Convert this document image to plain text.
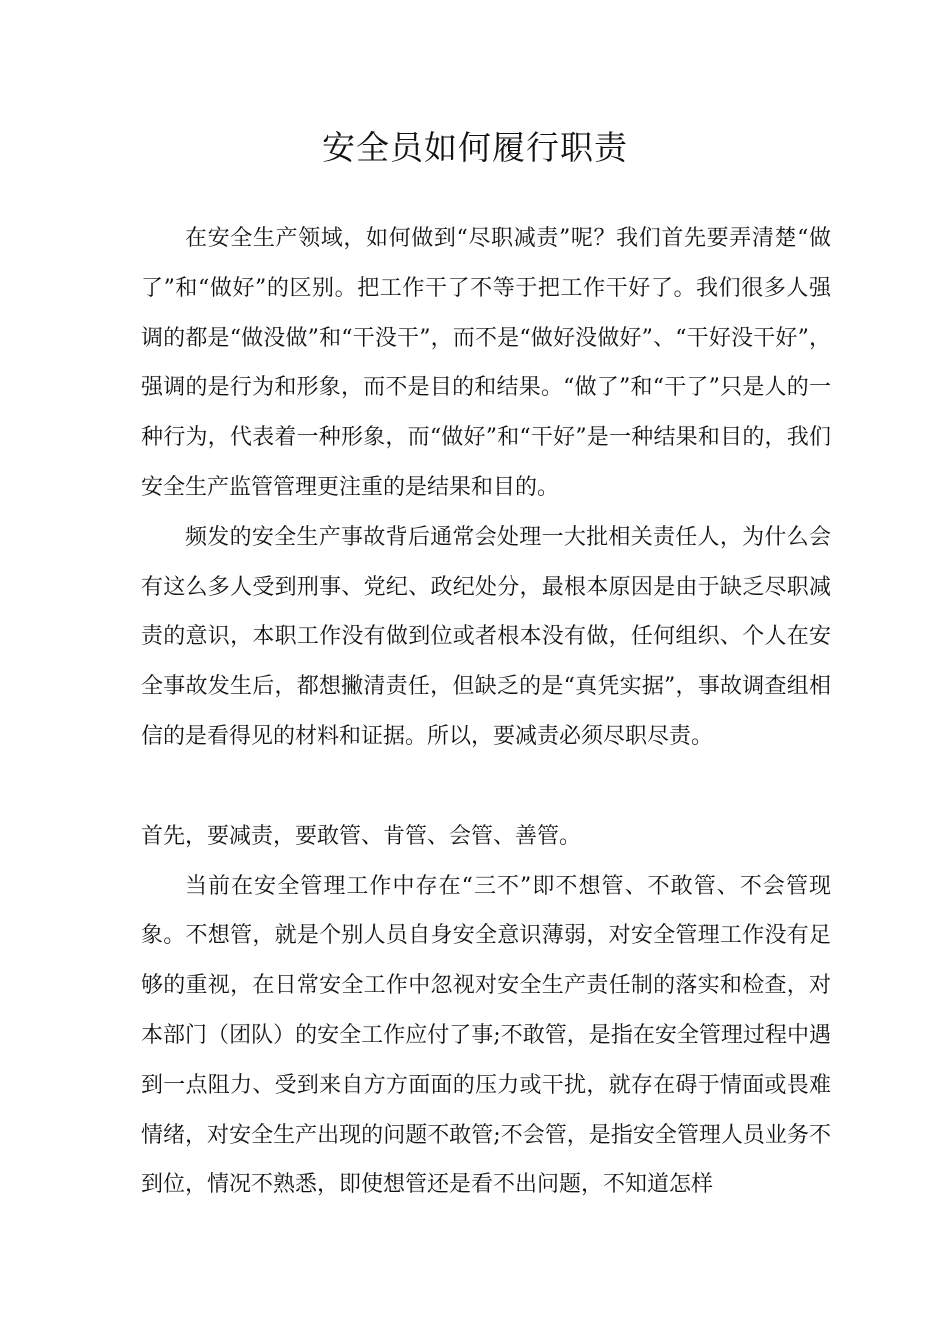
安全员如何履行职责

在安全生产领域，如何做到“尽职减责”呢？我们首先要弄清楚“做了”和“做好”的区别。把工作干了不等于把工作干好了。我们很多人强调的都是“做没做”和“干没干”，而不是“做好没做好”、“干好没干好”，强调的是行为和形象，而不是目的和结果。“做了”和“干了”只是人的一种行为，代表着一种形象，而“做好”和“干好”是一种结果和目的，我们安全生产监管管理更注重的是结果和目的。

频发的安全生产事故背后通常会处理一大批相关责任人，为什么会有这么多人受到刑事、党纪、政纪处分，最根本原因是由于缺乏尽职减责的意识，本职工作没有做到位或者根本没有做，任何组织、个人在安全事故发生后，都想撇清责任，但缺乏的是“真凭实据”，事故调查组相信的是看得见的材料和证据。所以，要减责必须尽职尽责。

首先，要减责，要敢管、肯管、会管、善管。

当前在安全管理工作中存在“三不”即不想管、不敢管、不会管现象。不想管，就是个别人员自身安全意识薄弱，对安全管理工作没有足够的重视，在日常安全工作中忽视对安全生产责任制的落实和检查，对本部门（团队）的安全工作应付了事;不敢管，是指在安全管理过程中遇到一点阻力、受到来自方方面面的压力或干扰，就存在碍于情面或畏难情绪，对安全生产出现的问题不敢管;不会管，是指安全管理人员业务不到位，情况不熟悉，即使想管还是看不出问题，不知道怎样
